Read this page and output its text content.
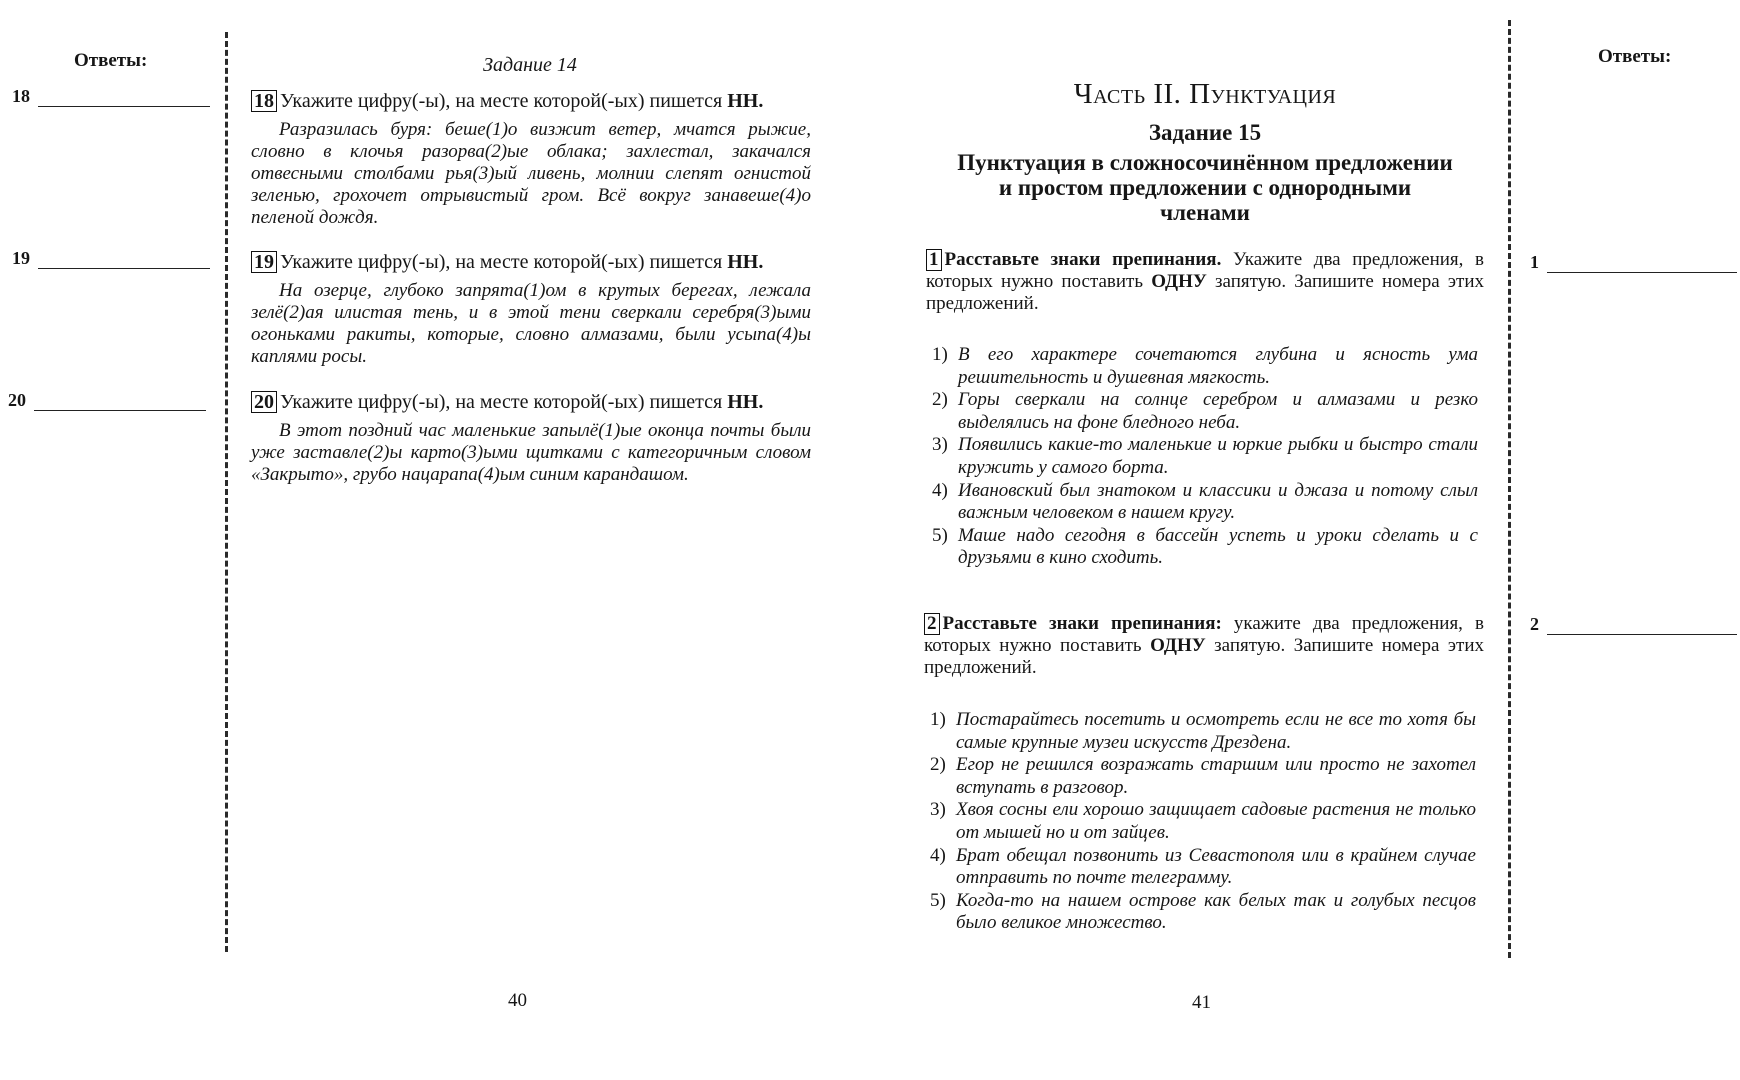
Ответы:
18
19
20
Задание 14
18 Укажите цифру(-ы), на месте которой(-ых) пишется НН.
Разразилась буря: беше(1)о визжит ветер, мчатся рыжие, словно в клочья разорва(2)ые облака; захлестал, закачался отвесными столбами рья(3)ый ливень, молнии слепят огнистой зеленью, грохочет отрывистый гром. Всё вокруг занавеше(4)о пеленой дождя.
19 Укажите цифру(-ы), на месте которой(-ых) пишется НН.
На озерце, глубоко запрята(1)ом в крутых берегах, лежала зелё(2)ая илистая тень, и в этой тени сверкали серебря(3)ыми огоньками ракиты, которые, словно алмазами, были усыпа(4)ы каплями росы.
20 Укажите цифру(-ы), на месте которой(-ых) пишется НН.
В этот поздний час маленькие запылё(1)ые оконца почты были уже заставле(2)ы карто(3)ыми щитками с категоричным словом «Закрыто», грубо нацарапа(4)ым синим карандашом.
40
Часть II. Пунктуация
Задание 15
Пунктуация в сложносочинённом предложении
и простом предложении с однородными
членами
1 Расставьте знаки препинания. Укажите два предложения, в которых нужно поставить ОДНУ запятую. Запишите номера этих предложений.
1) В его характере сочетаются глубина и ясность ума решительность и душевная мягкость.
2) Горы сверкали на солнце серебром и алмазами и резко выделялись на фоне бледного неба.
3) Появились какие-то маленькие и юркие рыбки и быстро стали кружить у самого борта.
4) Ивановский был знатоком и классики и джаза и потому слыл важным человеком в нашем кругу.
5) Маше надо сегодня в бассейн успеть и уроки сделать и с друзьями в кино сходить.
2 Расставьте знаки препинания: укажите два предложения, в которых нужно поставить ОДНУ запятую. Запишите номера этих предложений.
1) Постарайтесь посетить и осмотреть если не все то хотя бы самые крупные музеи искусств Дрездена.
2) Егор не решился возражать старшим или просто не захотел вступать в разговор.
3) Хвоя сосны ели хорошо защищает садовые растения не только от мышей но и от зайцев.
4) Брат обещал позвонить из Севастополя или в крайнем случае отправить по почте телеграмму.
5) Когда-то на нашем острове как белых так и голубых песцов было великое множество.
Ответы:
1
2
41
